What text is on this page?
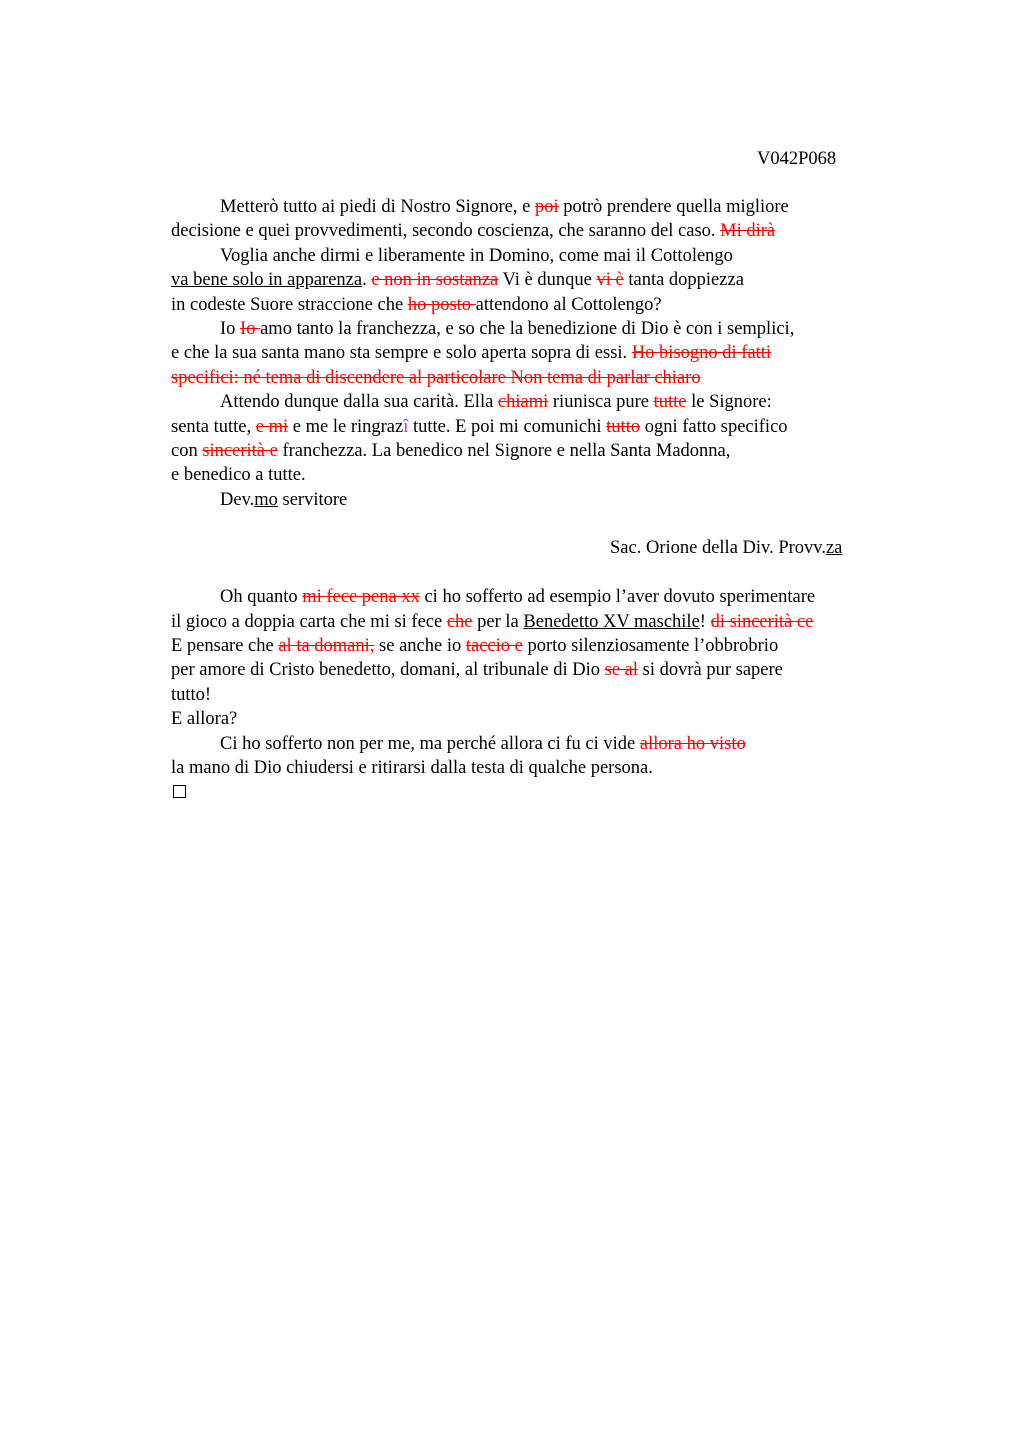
V042P068
Metterò tutto ai piedi di Nostro Signore, e poi potrò prendere quella migliore
decisione e quei provvedimenti, secondo coscienza, che saranno del caso. Mi dirà
Voglia anche dirmi e liberamente in Domino, come mai il Cottolengo
va bene solo in apparenza. e non in sostanza Vi è dunque vi è tanta doppiezza
in codeste Suore straccione che ho posto attendono al Cottolengo?
Io Io amo tanto la franchezza, e so che la benedizione di Dio è con i semplici,
e che la sua santa mano sta sempre e solo aperta sopra di essi. Ho bisogno di fatti
specifici: né tema di discendere al particolare Non tema di parlar chiaro
Attendo dunque dalla sua carità. Ella chiami riunisca pure tutte le Signore:
senta tutte, e mi e me le ringrazî tutte. E poi mi comunichi tutto ogni fatto specifico
con sincerità e franchezza. La benedico nel Signore e nella Santa Madonna,
e benedico a tutte.
Dev.mo servitore
Sac. Orione della Div. Provv.za
Oh quanto mi fece pena xx ci ho sofferto ad esempio l’aver dovuto sperimentare
il gioco a doppia carta che mi si fece che per la Benedetto XV maschile! di sincerità ce
E pensare che al ta domani, se anche io taccio e porto silenziosamente l’obbrobrio
per amore di Cristo benedetto, domani, al tribunale di Dio se al si dovrà pur sapere
tutto!
E allora?
Ci ho sofferto non per me, ma perché allora ci fu ci vide allora ho visto
la mano di Dio chiudersi e ritirarsi dalla testa di qualche persona.
